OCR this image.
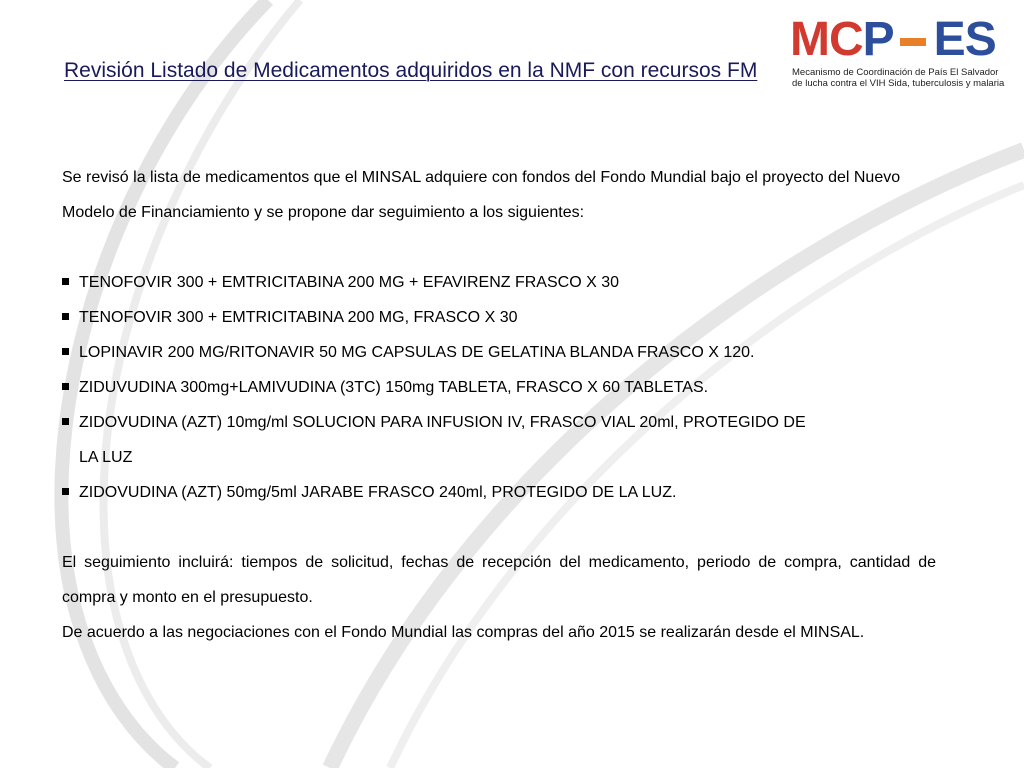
Revisión Listado de Medicamentos adquiridos en la NMF con recursos FM
MC P ES
Mecanismo de Coordinación de País El Salvador
de lucha contra el VIH Sida, tuberculosis y malaria

Se revisó la lista de medicamentos que el MINSAL adquiere con fondos del Fondo Mundial bajo el proyecto del Nuevo Modelo de Financiamiento y se propone dar seguimiento a los siguientes:

TENOFOVIR 300 + EMTRICITABINA 200 MG + EFAVIRENZ FRASCO X 30
TENOFOVIR 300 + EMTRICITABINA 200 MG, FRASCO X 30
LOPINAVIR 200 MG/RITONAVIR 50 MG CAPSULAS DE GELATINA BLANDA FRASCO X 120.
ZIDUVUDINA 300mg+LAMIVUDINA (3TC) 150mg TABLETA, FRASCO X 60 TABLETAS.
ZIDOVUDINA (AZT) 10mg/ml SOLUCION PARA INFUSION IV, FRASCO VIAL 20ml, PROTEGIDO DE LA LUZ
ZIDOVUDINA (AZT) 50mg/5ml JARABE FRASCO 240ml, PROTEGIDO DE LA LUZ.

El seguimiento incluirá: tiempos de solicitud, fechas de recepción del medicamento, periodo de compra, cantidad de compra y monto en el presupuesto.

De acuerdo a las negociaciones con el Fondo Mundial las compras del año 2015 se realizarán desde el MINSAL.
